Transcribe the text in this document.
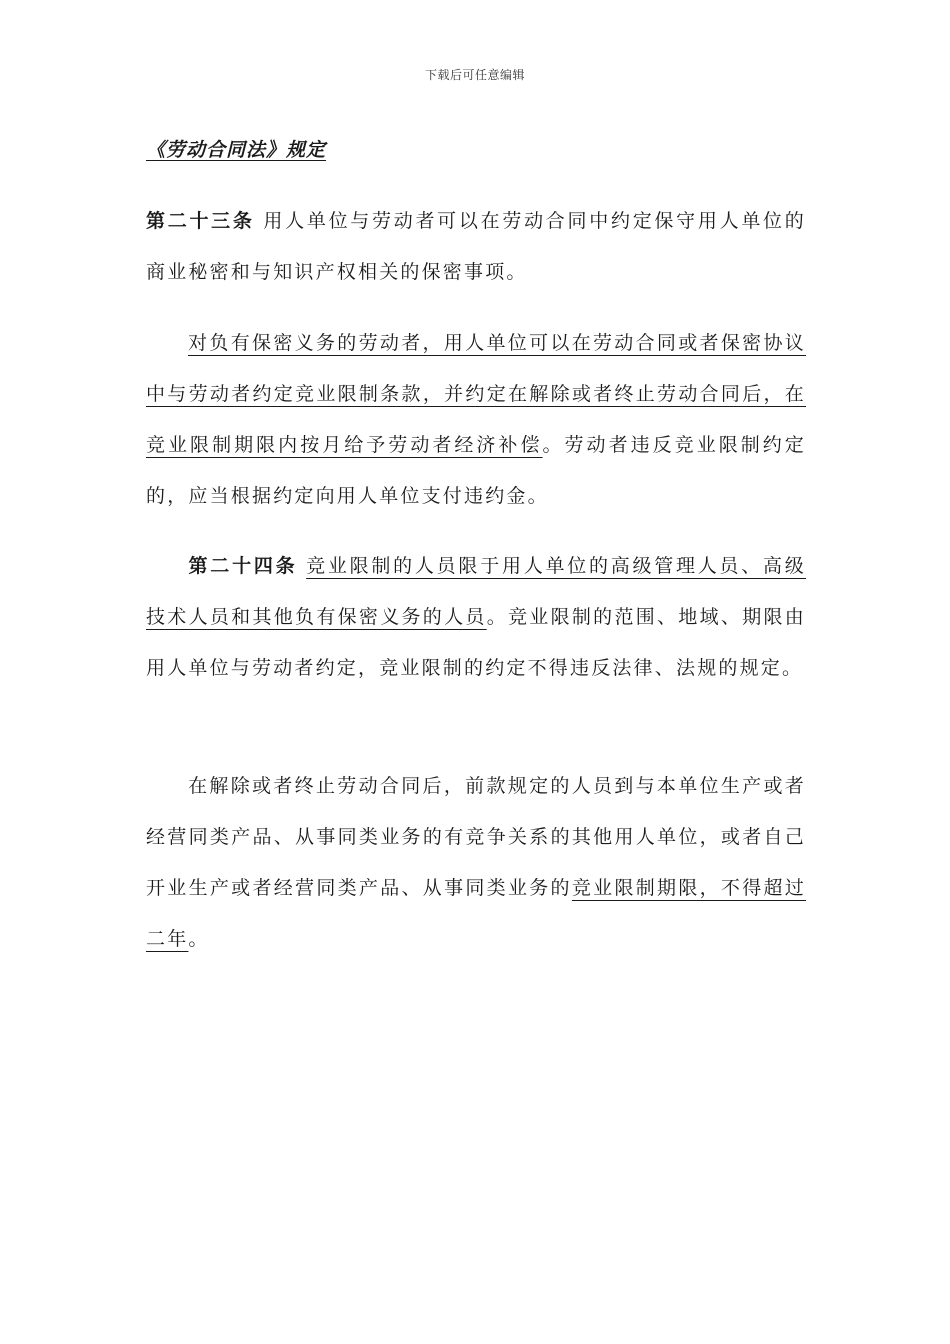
下载后可任意编辑
《劳动合同法》规定
第二十三条 用人单位与劳动者可以在劳动合同中约定保守用人单位的商业秘密和与知识产权相关的保密事项。
对负有保密义务的劳动者，用人单位可以在劳动合同或者保密协议中与劳动者约定竞业限制条款，并约定在解除或者终止劳动合同后，在竞业限制期限内按月给予劳动者经济补偿。劳动者违反竞业限制约定的，应当根据约定向用人单位支付违约金。
第二十四条 竞业限制的人员限于用人单位的高级管理人员、高级技术人员和其他负有保密义务的人员。竞业限制的范围、地域、期限由用人单位与劳动者约定，竞业限制的约定不得违反法律、法规的规定。
在解除或者终止劳动合同后，前款规定的人员到与本单位生产或者经营同类产品、从事同类业务的有竞争关系的其他用人单位，或者自己开业生产或者经营同类产品、从事同类业务的竞业限制期限，不得超过二年。
